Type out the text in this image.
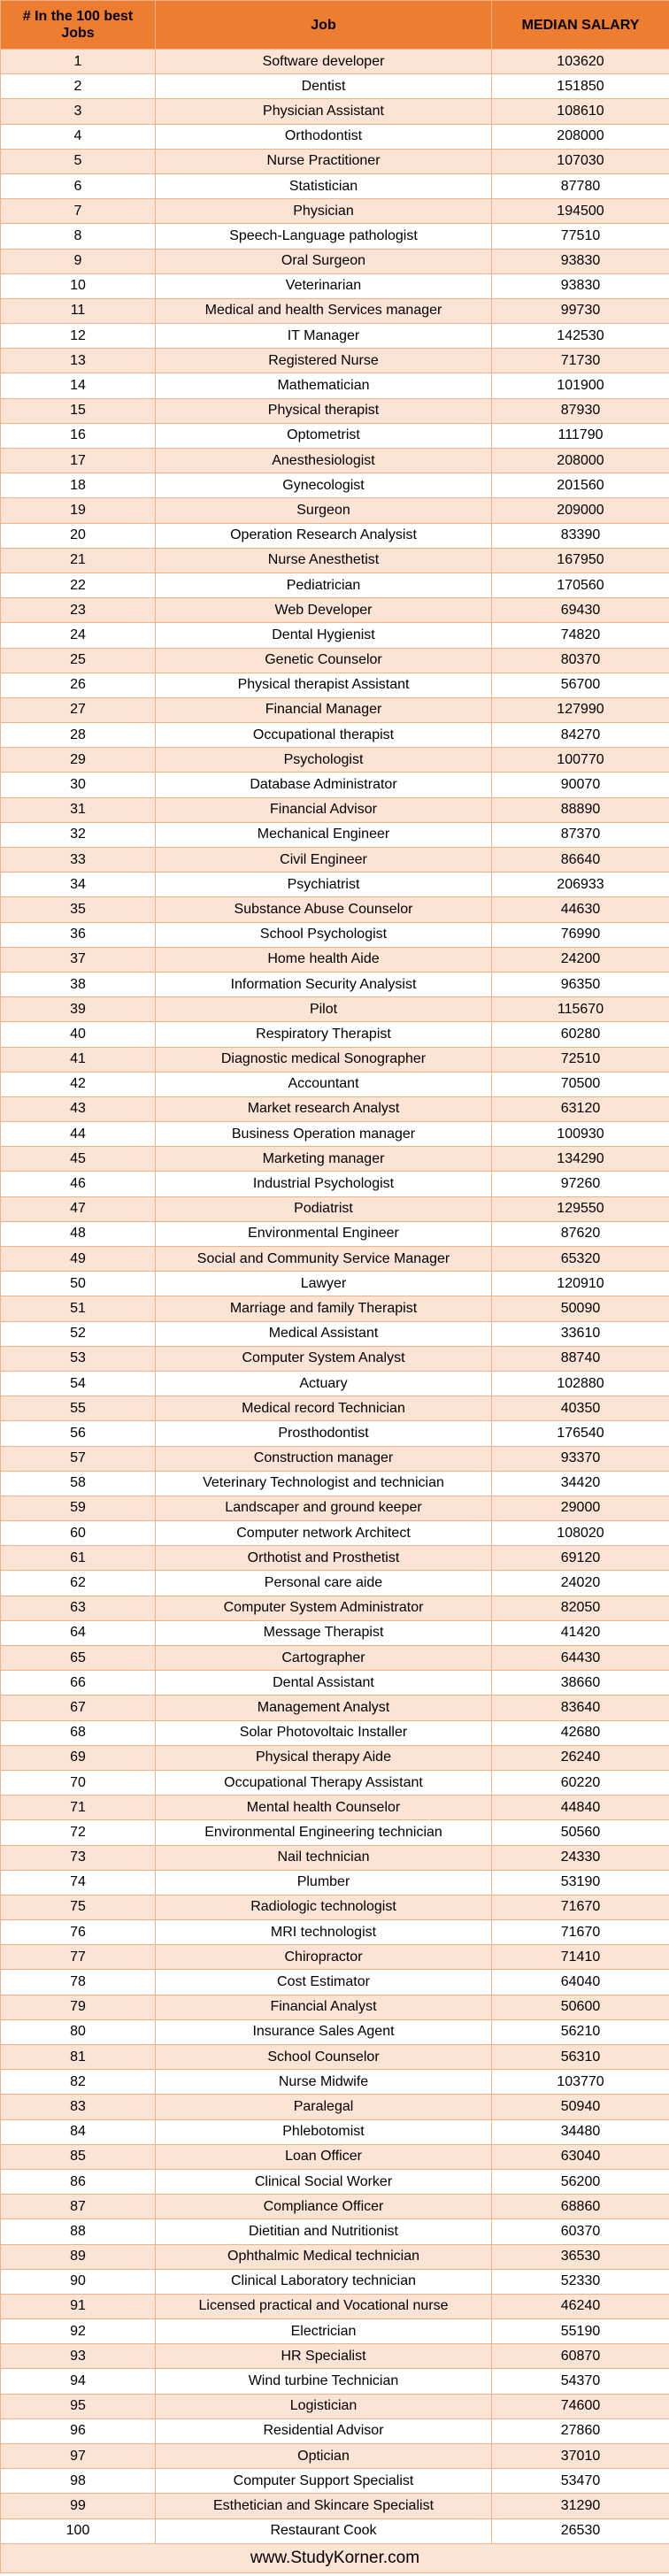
# In the 100 best Jobs	Job	MEDIAN SALARY
1	Software developer	103620
2	Dentist	151850
3	Physician Assistant	108610
4	Orthodontist	208000
5	Nurse Practitioner	107030
6	Statistician	87780
7	Physician	194500
8	Speech-Language pathologist	77510
9	Oral Surgeon	93830
10	Veterinarian	93830
11	Medical and health Services manager	99730
12	IT Manager	142530
13	Registered Nurse	71730
14	Mathematician	101900
15	Physical therapist	87930
16	Optometrist	111790
17	Anesthesiologist	208000
18	Gynecologist	201560
19	Surgeon	209000
20	Operation Research Analysist	83390
21	Nurse Anesthetist	167950
22	Pediatrician	170560
23	Web Developer	69430
24	Dental Hygienist	74820
25	Genetic Counselor	80370
26	Physical therapist Assistant	56700
27	Financial Manager	127990
28	Occupational therapist	84270
29	Psychologist	100770
30	Database Administrator	90070
31	Financial Advisor	88890
32	Mechanical Engineer	87370
33	Civil Engineer	86640
34	Psychiatrist	206933
35	Substance Abuse Counselor	44630
36	School Psychologist	76990
37	Home health Aide	24200
38	Information Security Analysist	96350
39	Pilot	115670
40	Respiratory Therapist	60280
41	Diagnostic medical Sonographer	72510
42	Accountant	70500
43	Market research Analyst	63120
44	Business Operation manager	100930
45	Marketing manager	134290
46	Industrial Psychologist	97260
47	Podiatrist	129550
48	Environmental Engineer	87620
49	Social and Community Service Manager	65320
50	Lawyer	120910
51	Marriage and family Therapist	50090
52	Medical Assistant	33610
53	Computer System Analyst	88740
54	Actuary	102880
55	Medical record Technician	40350
56	Prosthodontist	176540
57	Construction manager	93370
58	Veterinary Technologist and technician	34420
59	Landscaper and ground keeper	29000
60	Computer network Architect	108020
61	Orthotist and Prosthetist	69120
62	Personal care aide	24020
63	Computer System Administrator	82050
64	Message Therapist	41420
65	Cartographer	64430
66	Dental Assistant	38660
67	Management Analyst	83640
68	Solar Photovoltaic Installer	42680
69	Physical therapy Aide	26240
70	Occupational Therapy Assistant	60220
71	Mental health Counselor	44840
72	Environmental Engineering technician	50560
73	Nail technician	24330
74	Plumber	53190
75	Radiologic technologist	71670
76	MRI technologist	71670
77	Chiropractor	71410
78	Cost Estimator	64040
79	Financial Analyst	50600
80	Insurance Sales Agent	56210
81	School Counselor	56310
82	Nurse Midwife	103770
83	Paralegal	50940
84	Phlebotomist	34480
85	Loan Officer	63040
86	Clinical Social Worker	56200
87	Compliance Officer	68860
88	Dietitian and Nutritionist	60370
89	Ophthalmic Medical technician	36530
90	Clinical Laboratory technician	52330
91	Licensed practical and Vocational nurse	46240
92	Electrician	55190
93	HR Specialist	60870
94	Wind turbine Technician	54370
95	Logistician	74600
96	Residential Advisor	27860
97	Optician	37010
98	Computer Support Specialist	53470
99	Esthetician and Skincare Specialist	31290
100	Restaurant Cook	26530
www.StudyKorner.com		
